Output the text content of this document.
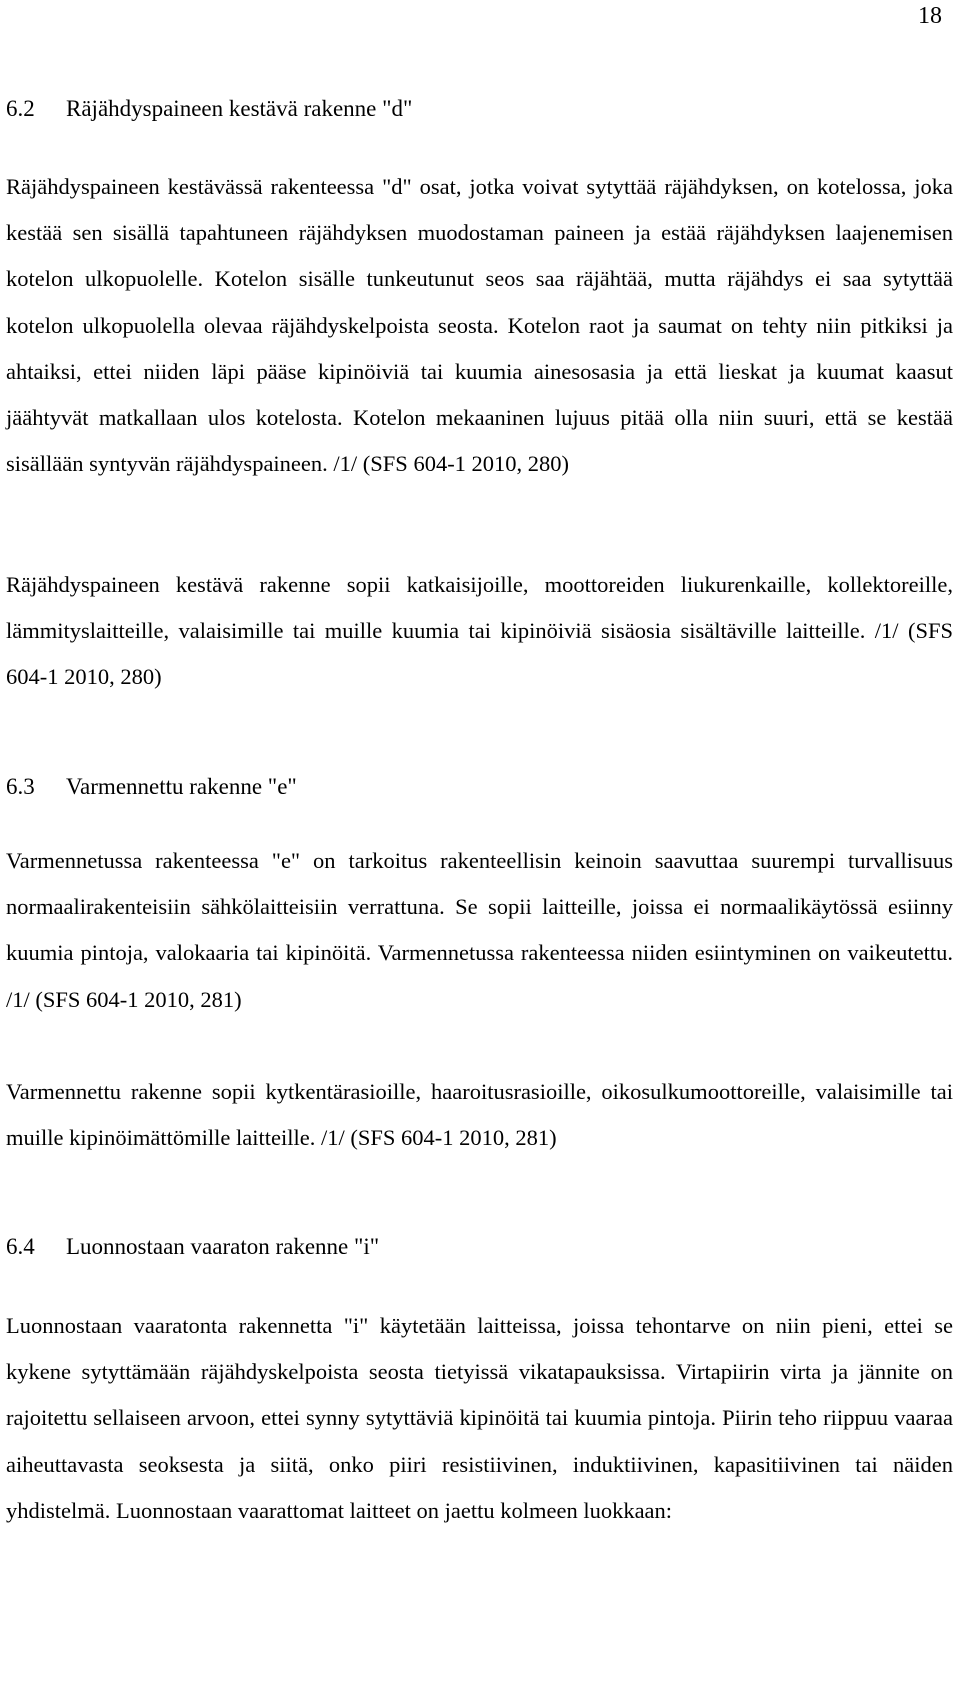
18
6.2 Räjähdyspaineen kestävä rakenne "d"

Räjähdyspaineen kestävässä rakenteessa "d" osat, jotka voivat sytyttää räjähdyksen, on kotelossa, joka kestää sen sisällä tapahtuneen räjähdyksen muodostaman paineen ja estää räjähdyksen laajenemisen kotelon ulkopuolelle. Kotelon sisälle tunkeutunut seos saa räjähtää, mutta räjähdys ei saa sytyttää kotelon ulkopuolella olevaa räjähdyskelpoista seosta. Kotelon raot ja saumat on tehty niin pitkiksi ja ahtaiksi, ettei niiden läpi pääse kipinöiviä tai kuumia ainesosasia ja että lieskat ja kuumat kaasut jäähtyvät matkallaan ulos kotelosta. Kotelon mekaaninen lujuus pitää olla niin suuri, että se kestää sisällään syntyvän räjähdyspaineen. /1/ (SFS 604-1 2010, 280)

Räjähdyspaineen kestävä rakenne sopii katkaisijoille, moottoreiden liukurenkaille, kollektoreille, lämmityslaitteille, valaisimille tai muille kuumia tai kipinöiviä sisäosia sisältäville laitteille. /1/ (SFS 604-1 2010, 280)

6.3 Varmennettu rakenne "e"

Varmennetussa rakenteessa "e" on tarkoitus rakenteellisin keinoin saavuttaa suurempi turvallisuus normaalirakenteisiin sähkölaitteisiin verrattuna. Se sopii laitteille, joissa ei normaalikäytössä esiinny kuumia pintoja, valokaaria tai kipinöitä. Varmennetussa rakenteessa niiden esiintyminen on vaikeutettu. /1/ (SFS 604-1 2010, 281)

Varmennettu rakenne sopii kytkentärasioille, haaroitusrasioille, oikosulkumoottoreille, valaisimille tai muille kipinöimättömille laitteille. /1/ (SFS 604-1 2010, 281)

6.4 Luonnostaan vaaraton rakenne "i"

Luonnostaan vaaratonta rakennetta "i" käytetään laitteissa, joissa tehontarve on niin pieni, ettei se kykene sytyttämään räjähdyskelpoista seosta tietyissä vikatapauksissa. Virtapiirin virta ja jännite on rajoitettu sellaiseen arvoon, ettei synny sytyttäviä kipinöitä tai kuumia pintoja. Piirin teho riippuu vaaraa aiheuttavasta seoksesta ja siitä, onko piiri resistiivinen, induktiivinen, kapasitiivinen tai näiden yhdistelmä. Luonnostaan vaarattomat laitteet on jaettu kolmeen luokkaan:
